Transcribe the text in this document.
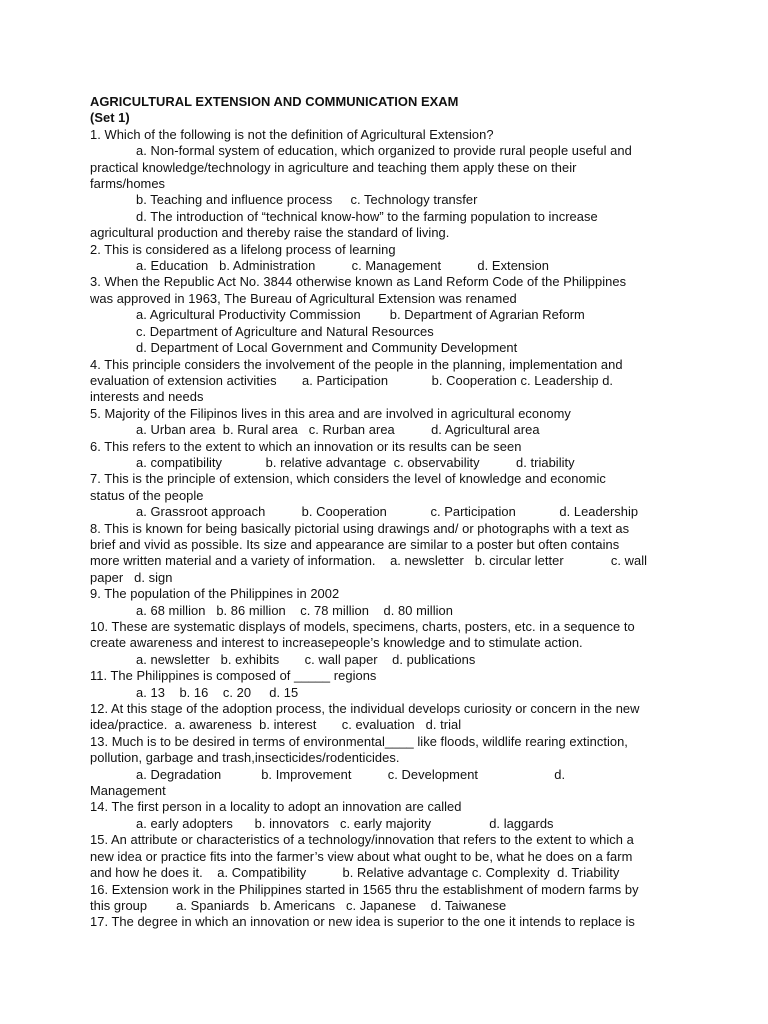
AGRICULTURAL EXTENSION AND COMMUNICATION EXAM
(Set 1)
1. Which of the following is not the definition of Agricultural Extension?
a. Non-formal system of education, which organized to provide rural people useful and
practical knowledge/technology in agriculture and teaching them apply these on their
farms/homes
b. Teaching and influence process     c. Technology transfer
d. The introduction of “technical know-how” to the farming population to increase
agricultural production and thereby raise the standard of living.
2. This is considered as a lifelong process of learning
a. Education   b. Administration          c. Management          d. Extension
3. When the Republic Act No. 3844 otherwise known as Land Reform Code of the Philippines
was approved in 1963, The Bureau of Agricultural Extension was renamed
a. Agricultural Productivity Commission        b. Department of Agrarian Reform
c. Department of Agriculture and Natural Resources
d. Department of Local Government and Community Development
4. This principle considers the involvement of the people in the planning, implementation and
evaluation of extension activities       a. Participation            b. Cooperation c. Leadership d.
interests and needs
5. Majority of the Filipinos lives in this area and are involved in agricultural economy
a. Urban area  b. Rural area   c. Rurban area          d. Agricultural area
6. This refers to the extent to which an innovation or its results can be seen
a. compatibility            b. relative advantage  c. observability          d. triability
7. This is the principle of extension, which considers the level of knowledge and economic
status of the people
a. Grassroot approach          b. Cooperation            c. Participation            d. Leadership
8. This is known for being basically pictorial using drawings and/ or photographs with a text as
brief and vivid as possible. Its size and appearance are similar to a poster but often contains
more written material and a variety of information.    a. newsletter   b. circular letter             c. wall
paper   d. sign
9. The population of the Philippines in 2002
a. 68 million   b. 86 million    c. 78 million    d. 80 million
10. These are systematic displays of models, specimens, charts, posters, etc. in a sequence to
create awareness and interest to increasepeople’s knowledge and to stimulate action.
a. newsletter   b. exhibits       c. wall paper    d. publications
11. The Philippines is composed of _____ regions
a. 13    b. 16    c. 20     d. 15
12. At this stage of the adoption process, the individual develops curiosity or concern in the new
idea/practice.  a. awareness  b. interest       c. evaluation   d. trial
13. Much is to be desired in terms of environmental____ like floods, wildlife rearing extinction,
pollution, garbage and trash,insecticides/rodenticides.
a. Degradation           b. Improvement          c. Development                     d.
Management
14. The first person in a locality to adopt an innovation are called
a. early adopters      b. innovators   c. early majority                d. laggards
15. An attribute or characteristics of a technology/innovation that refers to the extent to which a
new idea or practice fits into the farmer’s view about what ought to be, what he does on a farm
and how he does it.    a. Compatibility          b. Relative advantage c. Complexity  d. Triability
16. Extension work in the Philippines started in 1565 thru the establishment of modern farms by
this group        a. Spaniards   b. Americans   c. Japanese    d. Taiwanese
17. The degree in which an innovation or new idea is superior to the one it intends to replace is
